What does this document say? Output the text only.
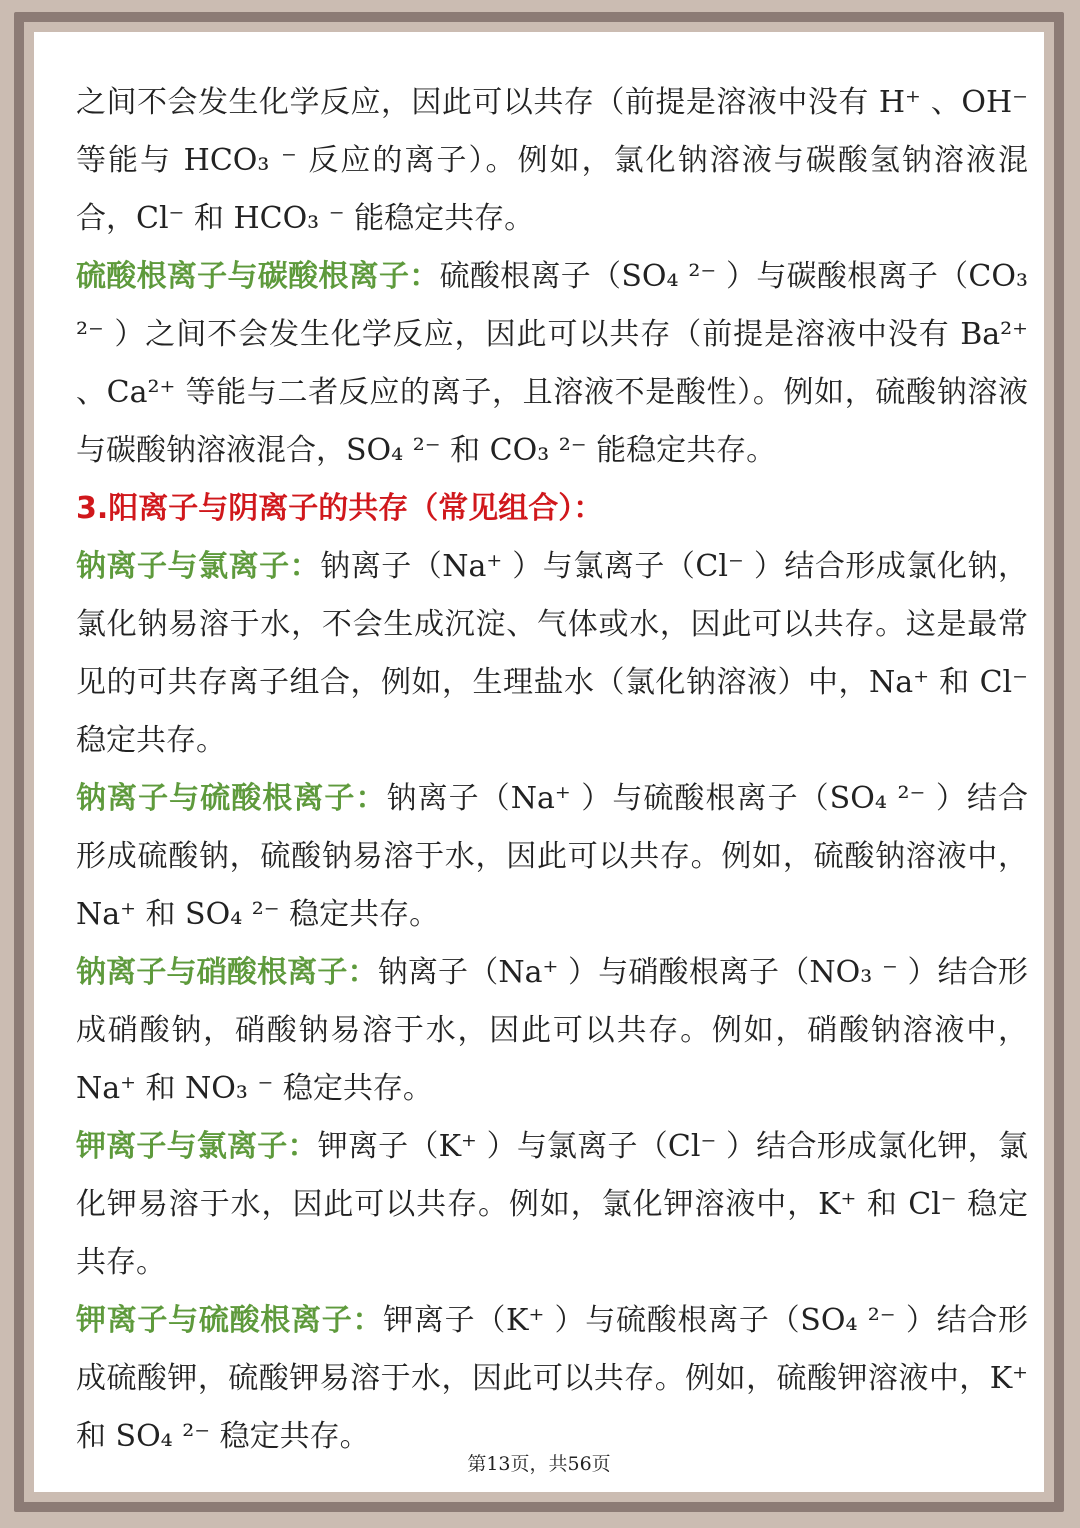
之间不会发生化学反应，因此可以共存（前提是溶液中没有 H⁺ 、OH⁻ 等能与 HCO₃ ⁻ 反应的离子）。例如，氯化钠溶液与碳酸氢钠溶液混合，Cl⁻ 和 HCO₃ ⁻ 能稳定共存。

硫酸根离子与碳酸根离子：硫酸根离子（SO₄ ²⁻ ）与碳酸根离子（CO₃ ²⁻ ）之间不会发生化学反应，因此可以共存（前提是溶液中没有 Ba²⁺ 、Ca²⁺ 等能与二者反应的离子，且溶液不是酸性）。例如，硫酸钠溶液与碳酸钠溶液混合，SO₄ ²⁻ 和 CO₃ ²⁻ 能稳定共存。

3.阳离子与阴离子的共存（常见组合）：

钠离子与氯离子：钠离子（Na⁺ ）与氯离子（Cl⁻ ）结合形成氯化钠，氯化钠易溶于水，不会生成沉淀、气体或水，因此可以共存。这是最常见的可共存离子组合，例如，生理盐水（氯化钠溶液）中，Na⁺ 和 Cl⁻ 稳定共存。

钠离子与硫酸根离子：钠离子（Na⁺ ）与硫酸根离子（SO₄ ²⁻ ）结合形成硫酸钠，硫酸钠易溶于水，因此可以共存。例如，硫酸钠溶液中，Na⁺ 和 SO₄ ²⁻ 稳定共存。

钠离子与硝酸根离子：钠离子（Na⁺ ）与硝酸根离子（NO₃ ⁻ ）结合形成硝酸钠，硝酸钠易溶于水，因此可以共存。例如，硝酸钠溶液中，Na⁺ 和 NO₃ ⁻ 稳定共存。

钾离子与氯离子：钾离子（K⁺ ）与氯离子（Cl⁻ ）结合形成氯化钾，氯化钾易溶于水，因此可以共存。例如，氯化钾溶液中，K⁺ 和 Cl⁻ 稳定共存。

钾离子与硫酸根离子：钾离子（K⁺ ）与硫酸根离子（SO₄ ²⁻ ）结合形成硫酸钾，硫酸钾易溶于水，因此可以共存。例如，硫酸钾溶液中，K⁺ 和 SO₄ ²⁻ 稳定共存。

第13页，共56页
